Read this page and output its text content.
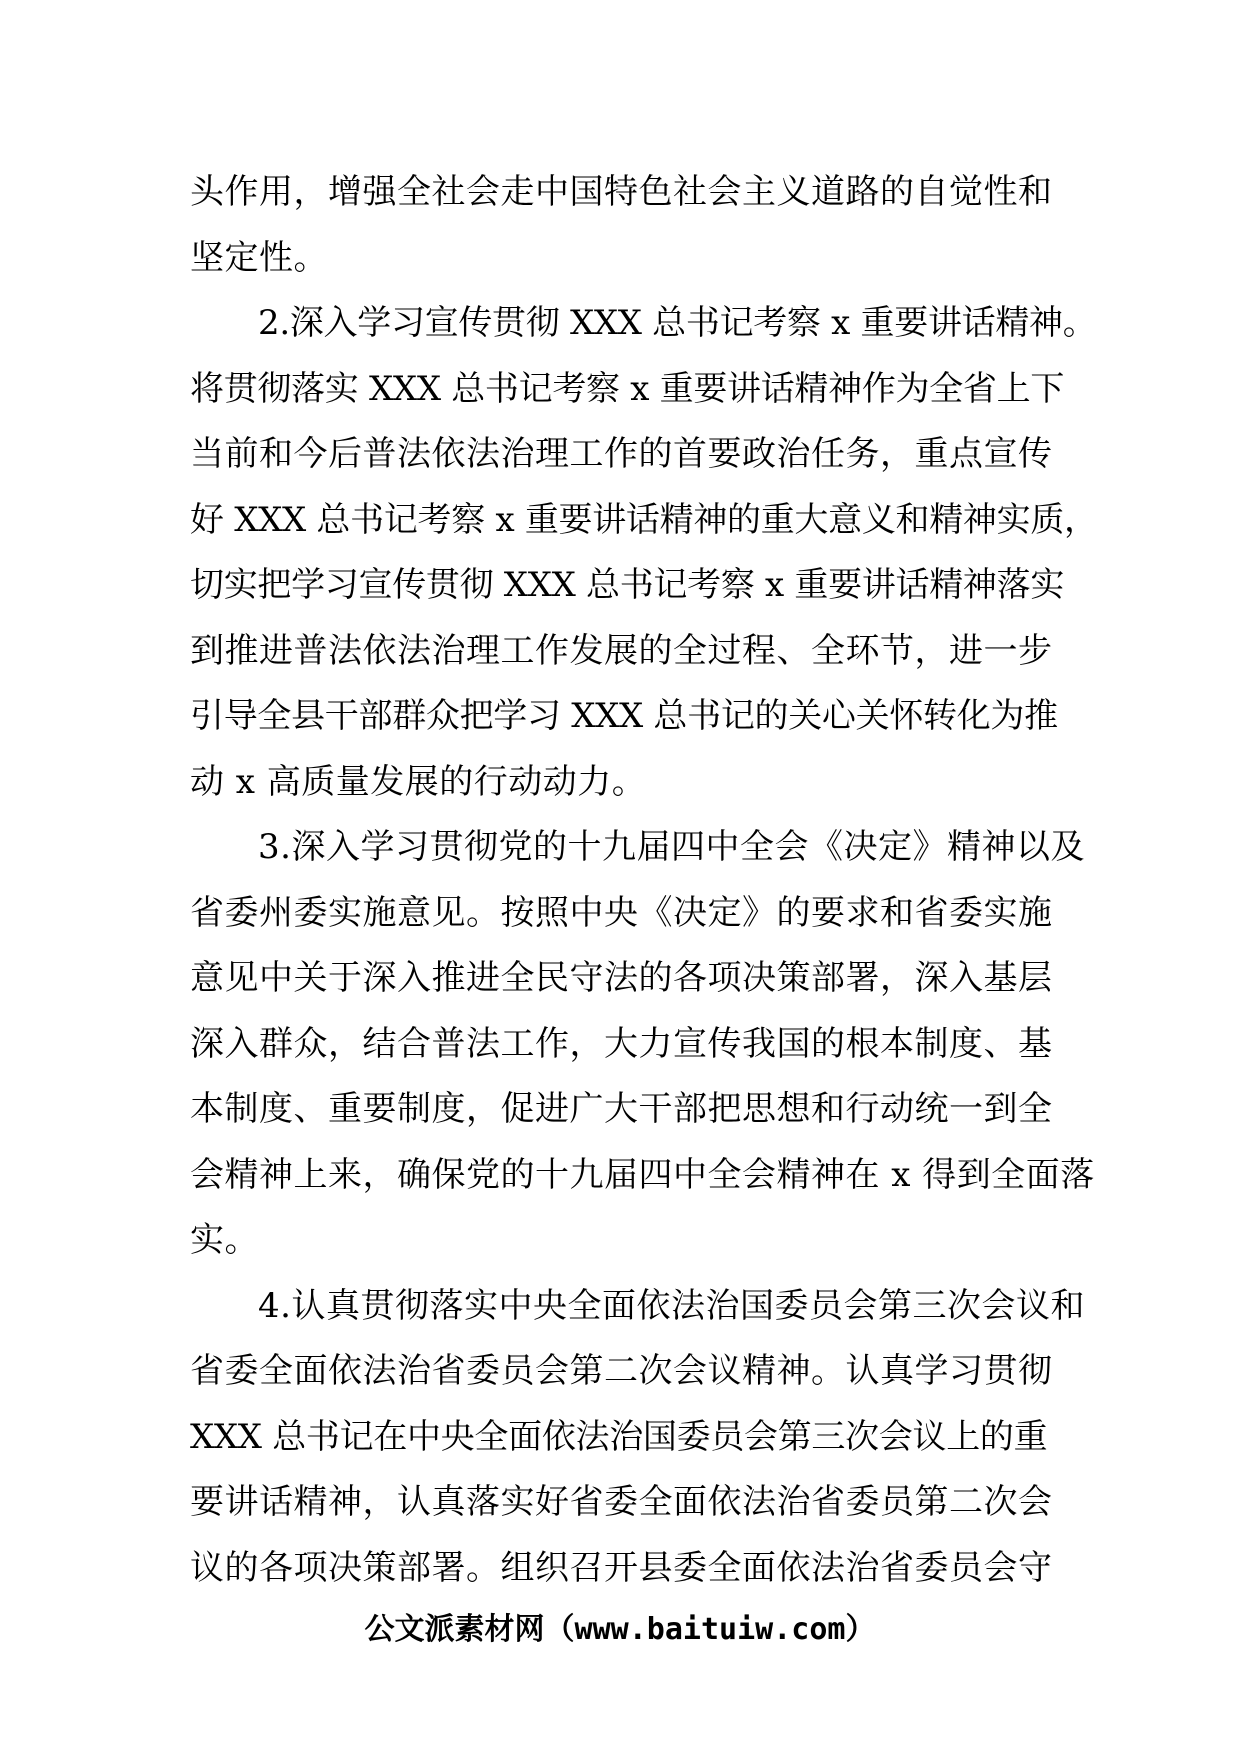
头作用，增强全社会走中国特色社会主义道路的自觉性和
坚定性。
2.深入学习宣传贯彻 XXX 总书记考察 x 重要讲话精神。
将贯彻落实 XXX 总书记考察 x 重要讲话精神作为全省上下
当前和今后普法依法治理工作的首要政治任务，重点宣传
好 XXX 总书记考察 x 重要讲话精神的重大意义和精神实质，
切实把学习宣传贯彻 XXX 总书记考察 x 重要讲话精神落实
到推进普法依法治理工作发展的全过程、全环节，进一步
引导全县干部群众把学习 XXX 总书记的关心关怀转化为推
动 x 高质量发展的行动动力。
3.深入学习贯彻党的十九届四中全会《决定》精神以及
省委州委实施意见。按照中央《决定》的要求和省委实施
意见中关于深入推进全民守法的各项决策部署，深入基层
深入群众，结合普法工作，大力宣传我国的根本制度、基
本制度、重要制度，促进广大干部把思想和行动统一到全
会精神上来，确保党的十九届四中全会精神在 x 得到全面落
实。
4.认真贯彻落实中央全面依法治国委员会第三次会议和
省委全面依法治省委员会第二次会议精神。认真学习贯彻
XXX 总书记在中央全面依法治国委员会第三次会议上的重
要讲话精神，认真落实好省委全面依法治省委员第二次会
议的各项决策部署。组织召开县委全面依法治省委员会守
公文派素材网（www.baituiw.com）
